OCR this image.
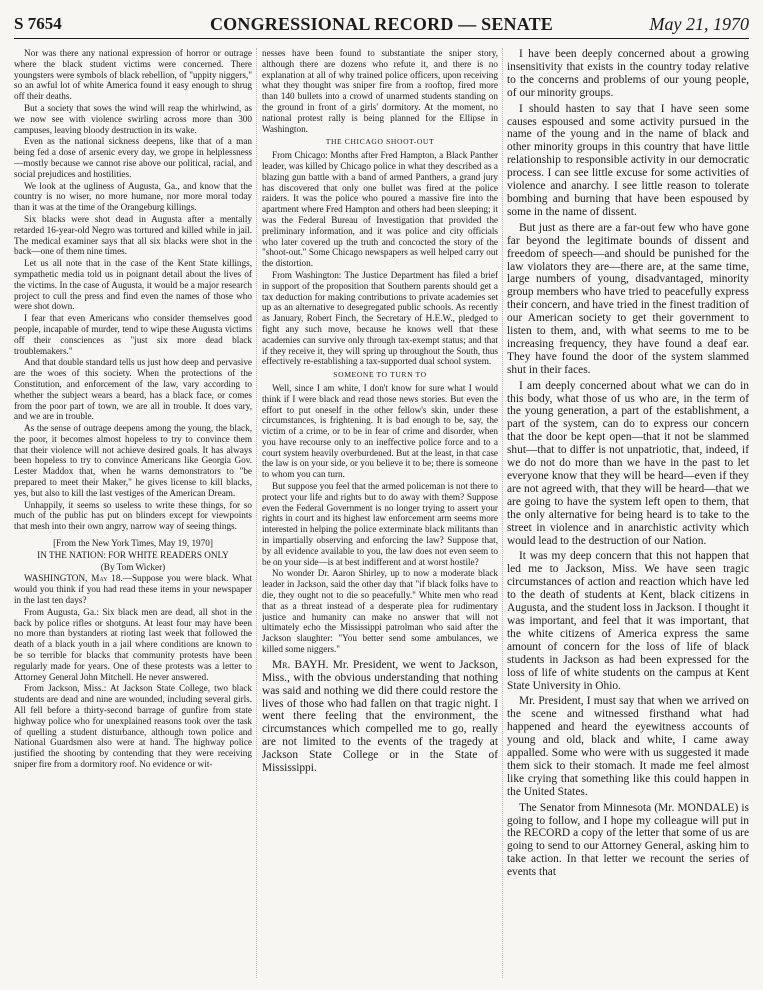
S 7654	CONGRESSIONAL RECORD — SENATE	May 21, 1970

Nor was there any national expression of horror or outrage where the black student victims were concerned. There youngsters were symbols of black rebellion, of "uppity niggers," so an awful lot of white America found it easy enough to shrug off their deaths.

But a society that sows the wind will reap the whirlwind, as we now see with violence swirling across more than 300 campuses, leaving bloody destruction in its wake.

Even as the national sickness deepens, like that of a man being fed a dose of arsenic every day, we grope in helplessness—mostly because we cannot rise above our political, racial, and social prejudices and hostilities.

We look at the ugliness of Augusta, Ga., and know that the country is no wiser, no more humane, nor more moral today than it was at the time of the Orangeburg killings.

Six blacks were shot dead in Augusta after a mentally retarded 16-year-old Negro was tortured and killed while in jail. The medical examiner says that all six blacks were shot in the back—one of them nine times.

Let us all note that in the case of the Kent State killings, sympathetic media told us in poignant detail about the lives of the victims. In the case of Augusta, it would be a major research project to cull the press and find even the names of those who were shot down.

I fear that even Americans who consider themselves good people, incapable of murder, tend to wipe these Augusta victims off their consciences as "just six more dead black troublemakers."

And that double standard tells us just how deep and pervasive are the woes of this society. When the protections of the Constitution, and enforcement of the law, vary according to whether the subject wears a beard, has a black face, or comes from the poor part of town, we are all in trouble. It does vary, and we are in trouble.

As the sense of outrage deepens among the young, the black, the poor, it becomes almost hopeless to try to convince them that their violence will not achieve desired goals. It has always been hopeless to try to convince Americans like Georgia Gov. Lester Maddox that, when he warns demonstrators to "be prepared to meet their Maker," he gives license to kill blacks, yes, but also to kill the last vestiges of the American Dream.

Unhappily, it seems so useless to write these things, for so much of the public has put on blinders except for viewpoints that mesh into their own angry, narrow way of seeing things.

[From the New York Times, May 19, 1970]

IN THE NATION: FOR WHITE READERS ONLY

(By Tom Wicker)

WASHINGTON, May 18.—Suppose you were black. What would you think if you had read these items in your newspaper in the last ten days?

From Augusta, Ga.: Six black men are dead, all shot in the back by police rifles or shotguns. At least four may have been no more than bystanders at rioting last week that followed the death of a black youth in a jail where conditions are known to be so terrible for blacks that community protests have been regularly made for years. One of these protests was a letter to Attorney General John Mitchell. He never answered.

From Jackson, Miss.: At Jackson State College, two black students are dead and nine are wounded, including several girls. All fell before a thirty-second barrage of gunfire from state highway police who for unexplained reasons took over the task of quelling a student disturbance, although town police and National Guardsmen also were at hand. The highway police justified the shooting by contending that they were receiving sniper fire from a dormitory roof. No evidence or wit-

nesses have been found to substantiate the sniper story, although there are dozens who refute it, and there is no explanation at all of why trained police officers, upon receiving what they thought was sniper fire from a rooftop, fired more than 140 bullets into a crowd of unarmed students standing on the ground in front of a girls' dormitory. At the moment, no national protest rally is being planned for the Ellipse in Washington.

THE CHICAGO SHOOT-OUT

From Chicago: Months after Fred Hampton, a Black Panther leader, was killed by Chicago police in what they described as a blazing gun battle with a band of armed Panthers, a grand jury has discovered that only one bullet was fired at the police raiders. It was the police who poured a massive fire into the apartment where Fred Hampton and others had been sleeping; it was the Federal Bureau of Investigation that provided the preliminary information, and it was police and city officials who later covered up the truth and concocted the story of the "shoot-out." Some Chicago newspapers as well helped carry out the distortion.

From Washington: The Justice Department has filed a brief in support of the proposition that Southern parents should get a tax deduction for making contributions to private academies set up as an alternative to desegregated public schools. As recently as January, Robert Finch, the Secretary of H.E.W., pledged to fight any such move, because he knows well that these academies can survive only through tax-exempt status; and that if they receive it, they will spring up throughout the South, thus effectively re-establishing a tax-supported dual school system.

SOMEONE TO TURN TO

Well, since I am white, I don't know for sure what I would think if I were black and read those news stories. But even the effort to put oneself in the other fellow's skin, under these circumstances, is frightening. It is bad enough to be, say, the victim of a crime, or to be in fear of crime and disorder, when you have recourse only to an ineffective police force and to a court system heavily overburdened. But at the least, in that case the law is on your side, or you believe it to be; there is someone to whom you can turn.

But suppose you feel that the armed policeman is not there to protect your life and rights but to do away with them? Suppose even the Federal Government is no longer trying to assert your rights in court and its highest law enforcement arm seems more interested in helping the police exterminate black militants than in impartially observing and enforcing the law? Suppose that, by all evidence available to you, the law does not even seem to be on your side—is at best indifferent and at worst hostile?

No wonder Dr. Aaron Shirley, up to now a moderate black leader in Jackson, said the other day that "if black folks have to die, they ought not to die so peacefully." White men who read that as a threat instead of a desperate plea for rudimentary justice and humanity can make no answer that will not ultimately echo the Mississippi patrolman who said after the Jackson slaughter: "You better send some ambulances, we killed some niggers."

Mr. BAYH. Mr. President, we went to Jackson, Miss., with the obvious understanding that nothing was said and nothing we did there could restore the lives of those who had fallen on that tragic night. I went there feeling that the environment, the circumstances which compelled me to go, really are not limited to the events of the tragedy at Jackson State College or in the State of Mississippi.

I have been deeply concerned about a growing insensitivity that exists in the country today relative to the concerns and problems of our young people, of our minority groups.

I should hasten to say that I have seen some causes espoused and some activity pursued in the name of the young and in the name of black and other minority groups in this country that have little relationship to responsible activity in our democratic process. I can see little excuse for some activities of violence and anarchy. I see little reason to tolerate bombing and burning that have been espoused by some in the name of dissent.

But just as there are a far-out few who have gone far beyond the legitimate bounds of dissent and freedom of speech—and should be punished for the law violators they are—there are, at the same time, large numbers of young, disadvantaged, minority group members who have tried to peacefully express their concern, and have tried in the finest tradition of our American society to get their government to listen to them, and, with what seems to me to be increasing frequency, they have found a deaf ear. They have found the door of the system slammed shut in their faces.

I am deeply concerned about what we can do in this body, what those of us who are, in the term of the young generation, a part of the establishment, a part of the system, can do to express our concern that the door be kept open—that it not be slammed shut—that to differ is not unpatriotic, that, indeed, if we do not do more than we have in the past to let everyone know that they will be heard—even if they are not agreed with, that they will be heard—that we are going to have the system left open to them, that the only alternative for being heard is to take to the street in violence and in anarchistic activity which would lead to the destruction of our Nation.

It was my deep concern that this not happen that led me to Jackson, Miss. We have seen tragic circumstances of action and reaction which have led to the death of students at Kent, black citizens in Augusta, and the student loss in Jackson. I thought it was important, and feel that it was important, that the white citizens of America express the same amount of concern for the loss of life of black students in Jackson as had been expressed for the loss of life of white students on the campus at Kent State University in Ohio.

Mr. President, I must say that when we arrived on the scene and witnessed firsthand what had happened and heard the eyewitness accounts of young and old, black and white, I came away appalled. Some who were with us suggested it made them sick to their stomach. It made me feel almost like crying that something like this could happen in the United States.

The Senator from Minnesota (Mr. MONDALE) is going to follow, and I hope my colleague will put in the RECORD a copy of the letter that some of us are going to send to our Attorney General, asking him to take action. In that letter we recount the series of events that
